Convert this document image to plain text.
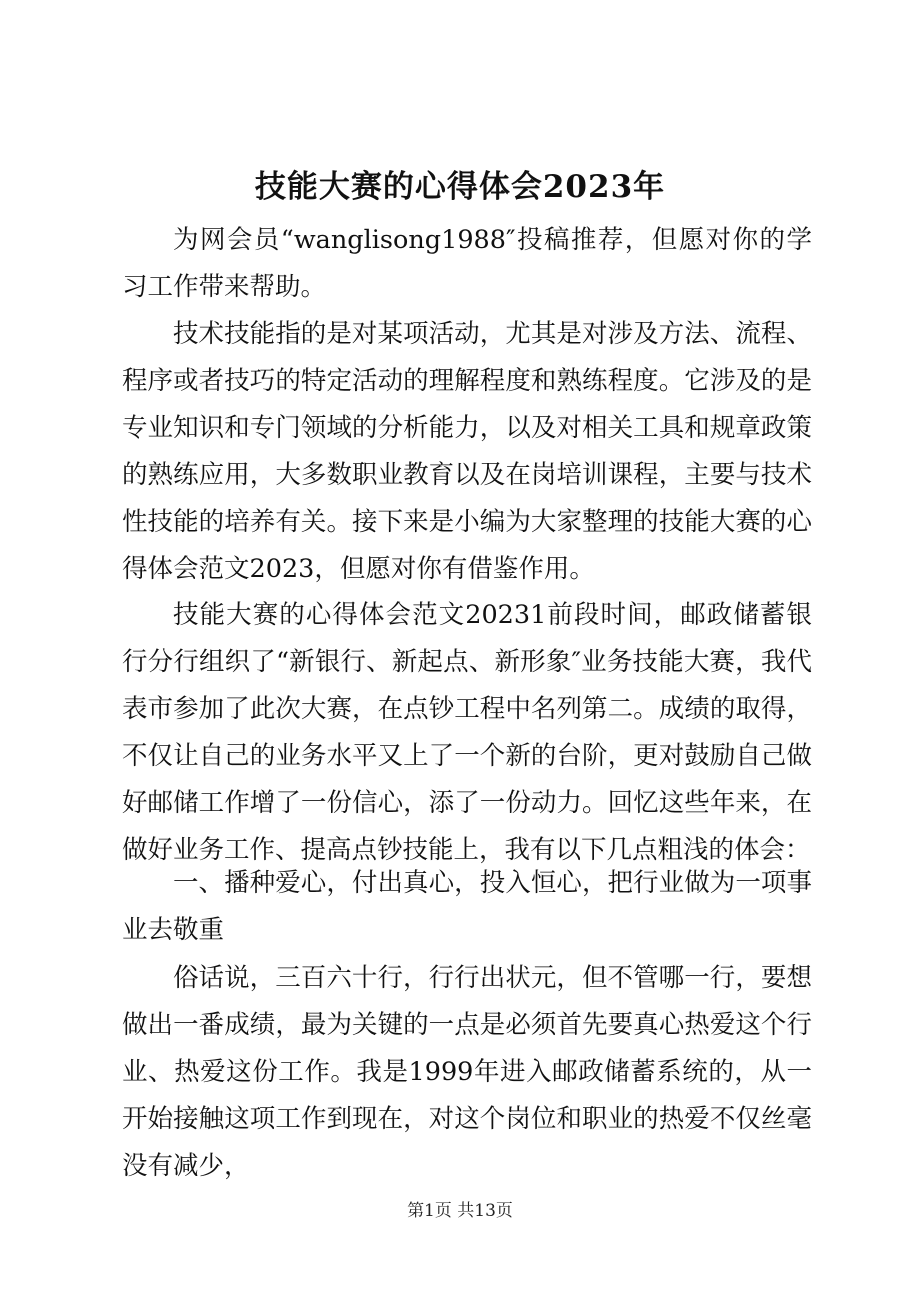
技能大赛的心得体会2023年

为网会员“wanglisong1988″投稿推荐，但愿对你的学习工作带来帮助。

技术技能指的是对某项活动，尤其是对涉及方法、流程、程序或者技巧的特定活动的理解程度和熟练程度。它涉及的是专业知识和专门领域的分析能力，以及对相关工具和规章政策的熟练应用，大多数职业教育以及在岗培训课程，主要与技术性技能的培养有关。接下来是小编为大家整理的技能大赛的心得体会范文2023，但愿对你有借鉴作用。

技能大赛的心得体会范文20231前段时间，邮政储蓄银行分行组织了“新银行、新起点、新形象″业务技能大赛，我代表市参加了此次大赛，在点钞工程中名列第二。成绩的取得，不仅让自己的业务水平又上了一个新的台阶，更对鼓励自己做好邮储工作增了一份信心，添了一份动力。回忆这些年来，在做好业务工作、提高点钞技能上，我有以下几点粗浅的体会：

一、播种爱心，付出真心，投入恒心，把行业做为一项事业去敬重

俗话说，三百六十行，行行出状元，但不管哪一行，要想做出一番成绩，最为关键的一点是必须首先要真心热爱这个行业、热爱这份工作。我是1999年进入邮政储蓄系统的，从一开始接触这项工作到现在，对这个岗位和职业的热爱不仅丝毫没有减少，

第1页 共13页
